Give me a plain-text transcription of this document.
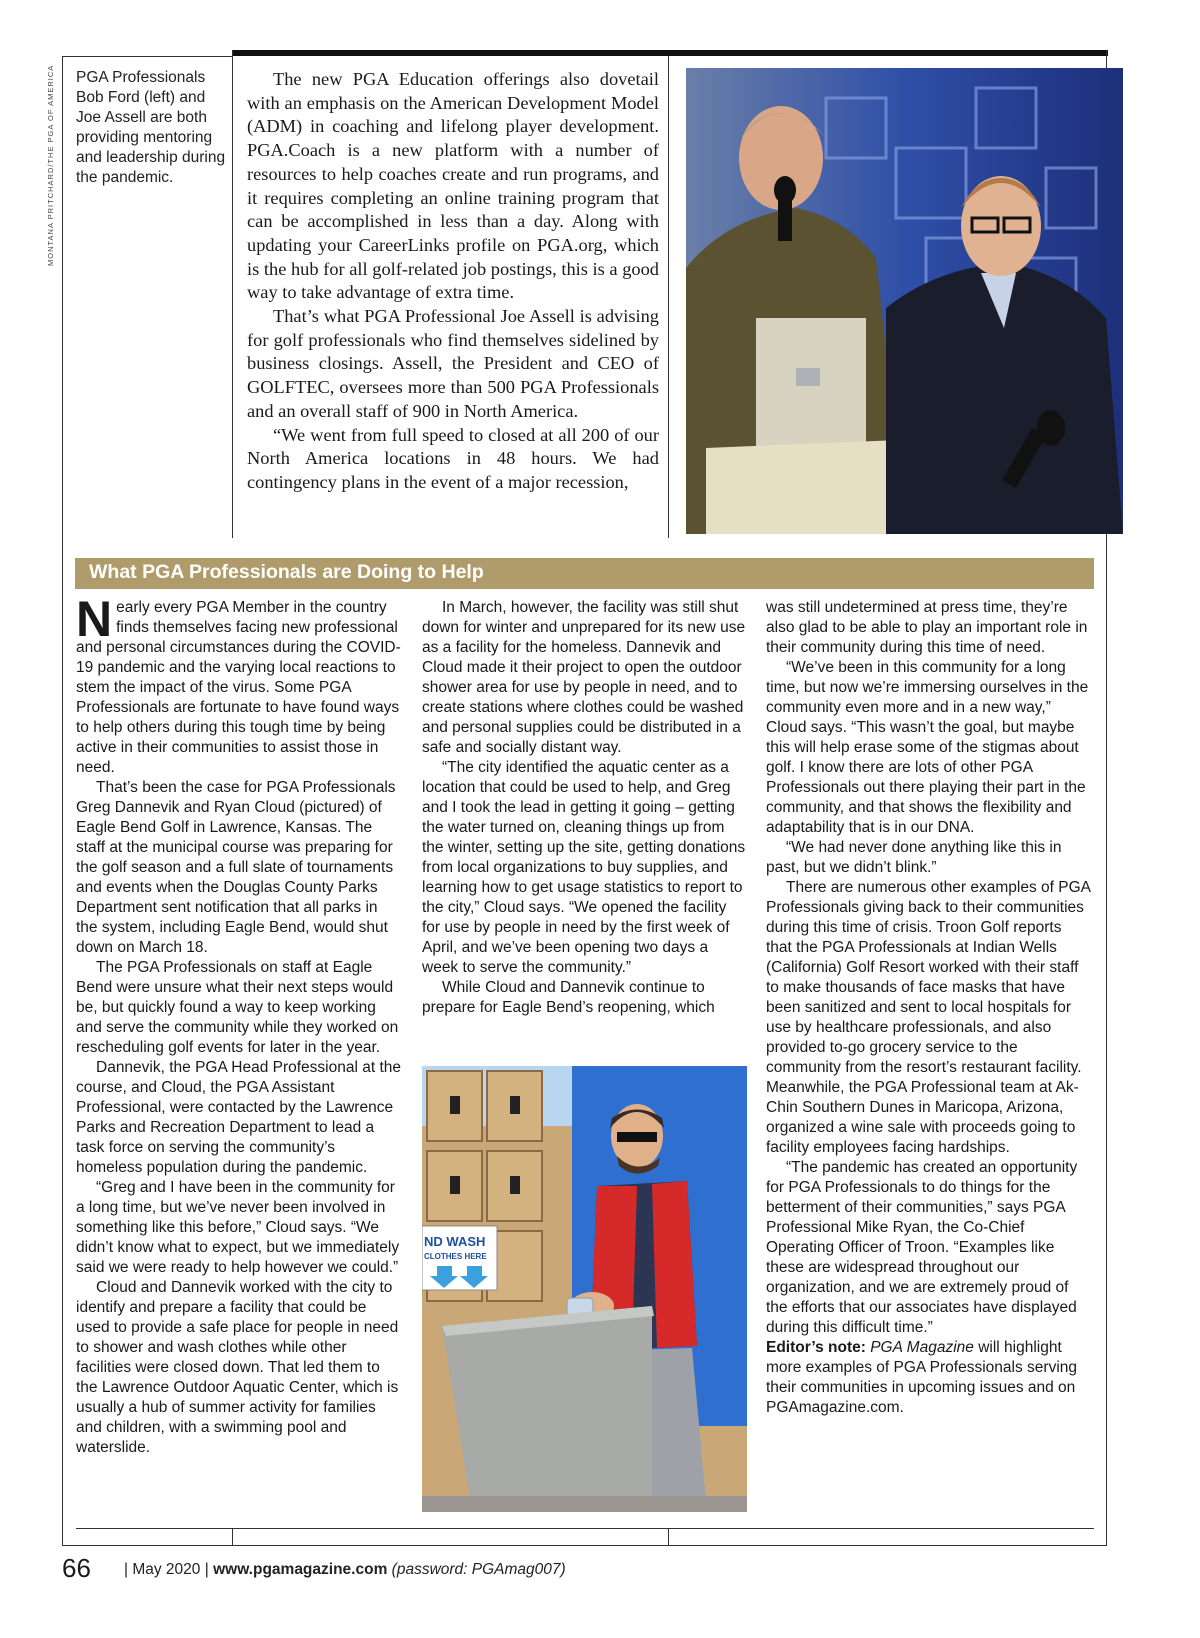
MONTANA PRITCHARD/THE PGA OF AMERICA PGA Professionals Bob Ford (left) and Joe Assell are both providing mentoring and leadership during the pandemic.

The new PGA Education offerings also dovetail with an emphasis on the American Development Model (ADM) in coaching and lifelong player development. PGA.Coach is a new platform with a number of resources to help coaches create and run programs, and it requires completing an online training program that can be accomplished in less than a day. Along with updating your CareerLinks profile on PGA.org, which is the hub for all golf-related job postings, this is a good way to take advantage of extra time.

That’s what PGA Professional Joe Assell is advising for golf professionals who find themselves sidelined by business closings. Assell, the President and CEO of GOLFTEC, oversees more than 500 PGA Professionals and an overall staff of 900 in North America.

“We went from full speed to closed at all 200 of our North America locations in 48 hours. We had contingency plans in the event of a major recession,

What PGA Professionals are Doing to Help

Nearly every PGA Member in the country finds themselves facing new professional and personal circumstances during the COVID-19 pandemic and the varying local reactions to stem the impact of the virus. Some PGA Professionals are fortunate to have found ways to help others during this tough time by being active in their communities to assist those in need.

That’s been the case for PGA Professionals Greg Dannevik and Ryan Cloud (pictured) of Eagle Bend Golf in Lawrence, Kansas. The staff at the municipal course was preparing for the golf season and a full slate of tournaments and events when the Douglas County Parks Department sent notification that all parks in the system, including Eagle Bend, would shut down on March 18.

The PGA Professionals on staff at Eagle Bend were unsure what their next steps would be, but quickly found a way to keep working and serve the community while they worked on rescheduling golf events for later in the year.

Dannevik, the PGA Head Professional at the course, and Cloud, the PGA Assistant Professional, were contacted by the Lawrence Parks and Recreation Department to lead a task force on serving the community’s homeless population during the pandemic.

“Greg and I have been in the community for a long time, but we’ve never been involved in something like this before,” Cloud says. “We didn’t know what to expect, but we immediately said we were ready to help however we could.”

Cloud and Dannevik worked with the city to identify and prepare a facility that could be used to provide a safe place for people in need to shower and wash clothes while other facilities were closed down. That led them to the Lawrence Outdoor Aquatic Center, which is usually a hub of summer activity for families and children, with a swimming pool and waterslide.

In March, however, the facility was still shut down for winter and unprepared for its new use as a facility for the homeless. Dannevik and Cloud made it their project to open the outdoor shower area for use by people in need, and to create stations where clothes could be washed and personal supplies could be distributed in a safe and socially distant way.

“The city identified the aquatic center as a location that could be used to help, and Greg and I took the lead in getting it going – getting the water turned on, cleaning things up from the winter, setting up the site, getting donations from local organizations to buy supplies, and learning how to get usage statistics to report to the city,” Cloud says. “We opened the facility for use by people in need by the first week of April, and we’ve been opening two days a week to serve the community.”

While Cloud and Dannevik continue to prepare for Eagle Bend’s reopening, which

ND WASH
CLOTHES HERE

was still undetermined at press time, they’re also glad to be able to play an important role in their community during this time of need.

“We’ve been in this community for a long time, but now we’re immersing ourselves in the community even more and in a new way,” Cloud says. “This wasn’t the goal, but maybe this will help erase some of the stigmas about golf. I know there are lots of other PGA Professionals out there playing their part in the community, and that shows the flexibility and adaptability that is in our DNA.

“We had never done anything like this in past, but we didn’t blink.”

There are numerous other examples of PGA Professionals giving back to their communities during this time of crisis. Troon Golf reports that the PGA Professionals at Indian Wells (California) Golf Resort worked with their staff to make thousands of face masks that have been sanitized and sent to local hospitals for use by healthcare professionals, and also provided to-go grocery service to the community from the resort’s restaurant facility. Meanwhile, the PGA Professional team at Ak-Chin Southern Dunes in Maricopa, Arizona, organized a wine sale with proceeds going to facility employees facing hardships.

“The pandemic has created an opportunity for PGA Professionals to do things for the betterment of their communities,” says PGA Professional Mike Ryan, the Co-Chief Operating Officer of Troon. “Examples like these are widespread throughout our organization, and we are extremely proud of the efforts that our associates have displayed during this difficult time.”

Editor’s note: PGA Magazine will highlight more examples of PGA Professionals serving their communities in upcoming issues and on PGAmagazine.com.

66 | May 2020 | www.pgamagazine.com (password: PGAmag007)
